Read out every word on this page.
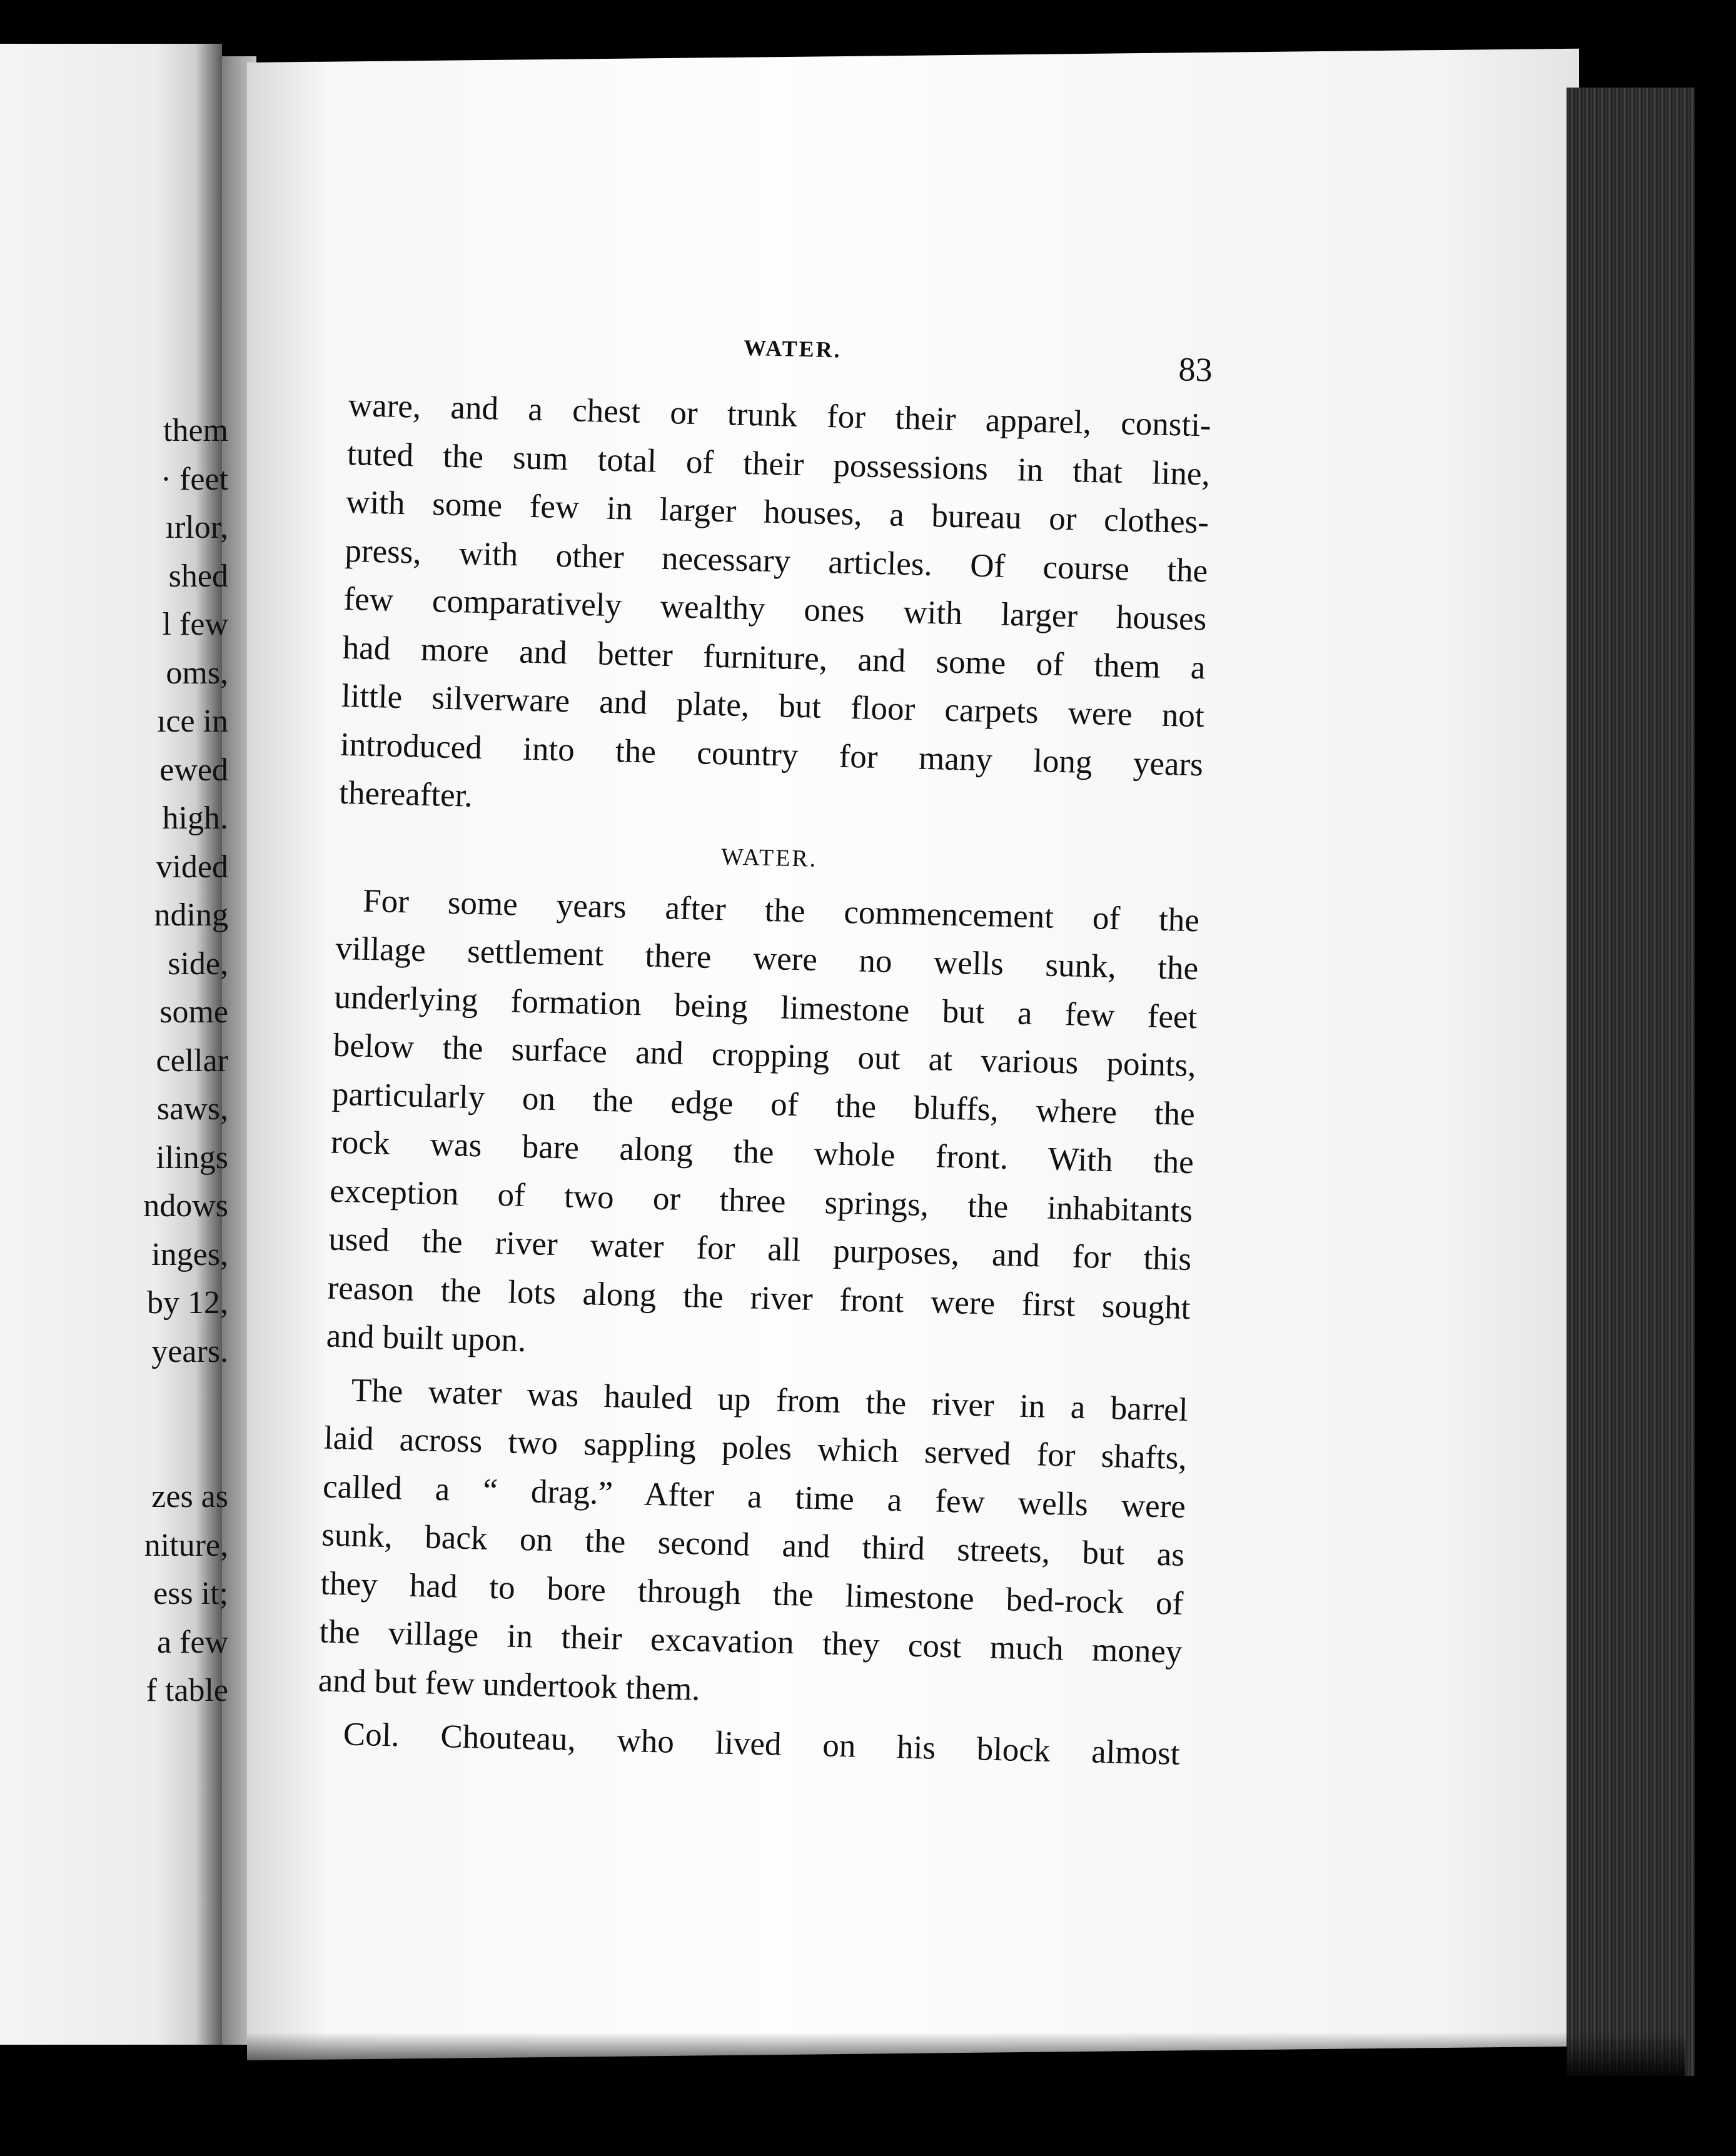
them
· feet
ırlor,
shed
l few
oms,
ıce in
ewed
high.
vided
nding
side,
some
cellar
saws,
ilings
ndows
inges,
by 12,
years.

zes as
niture,
ess it;
a few
f table
WATER.
83

ware, and a chest or trunk for their apparel, consti-
tuted the sum total of their possessions in that line,
with some few in larger houses, a bureau or clothes-
press, with other necessary articles. Of course the
few comparatively wealthy ones with larger houses
had more and better furniture, and some of them a
little silverware and plate, but floor carpets were not
introduced into the country for many long years
thereafter.

WATER.

For some years after the commencement of the
village settlement there were no wells sunk, the
underlying formation being limestone but a few feet
below the surface and cropping out at various points,
particularly on the edge of the bluffs, where the
rock was bare along the whole front. With the
exception of two or three springs, the inhabitants
used the river water for all purposes, and for this
reason the lots along the river front were first sought
and built upon.

The water was hauled up from the river in a barrel
laid across two sappling poles which served for shafts,
called a “ drag.” After a time a few wells were
sunk, back on the second and third streets, but as
they had to bore through the limestone bed-rock of
the village in their excavation they cost much money
and but few undertook them.

Col. Chouteau, who lived on his block almost
